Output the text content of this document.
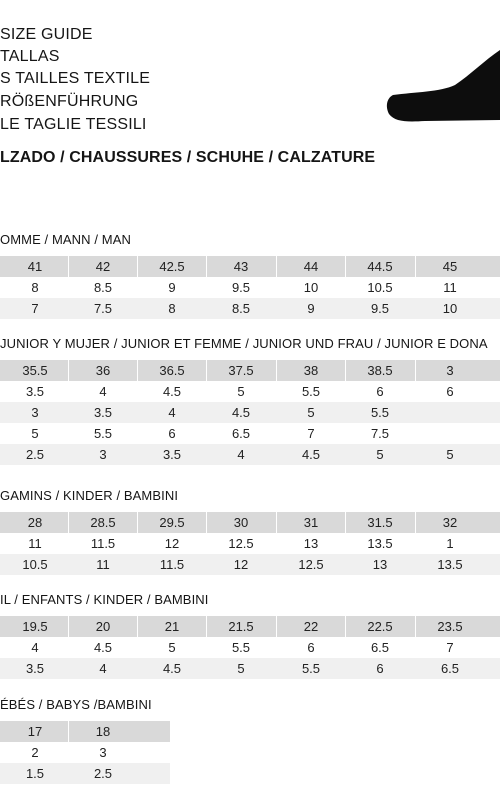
SIZE GUIDE
TALLAS
S TAILLES TEXTILE
RÖßENFÜHRUNG
LE TAGLIE TESSILI
LZADO / CHAUSSURES / SCHUHE / CALZATURE
OMME / MANN / MAN
41	42	42.5	43	44	44.5	45
8	8.5	9	9.5	10	10.5	11
7	7.5	8	8.5	9	9.5	10
JUNIOR Y MUJER / JUNIOR ET FEMME / JUNIOR UND FRAU / JUNIOR E DONA
35.5	36	36.5	37.5	38	38.5	3
3.5	4	4.5	5	5.5	6	6
3	3.5	4	4.5	5	5.5
5	5.5	6	6.5	7	7.5
2.5	3	3.5	4	4.5	5	5
GAMINS / KINDER / BAMBINI
28	28.5	29.5	30	31	31.5	32
11	11.5	12	12.5	13	13.5	1
10.5	11	11.5	12	12.5	13	13.5
IL / ENFANTS / KINDER / BAMBINI
19.5	20	21	21.5	22	22.5	23.5
4	4.5	5	5.5	6	6.5	7
3.5	4	4.5	5	5.5	6	6.5
ÉBÉS / BABYS /BAMBINI
17	18
2	3
1.5	2.5
